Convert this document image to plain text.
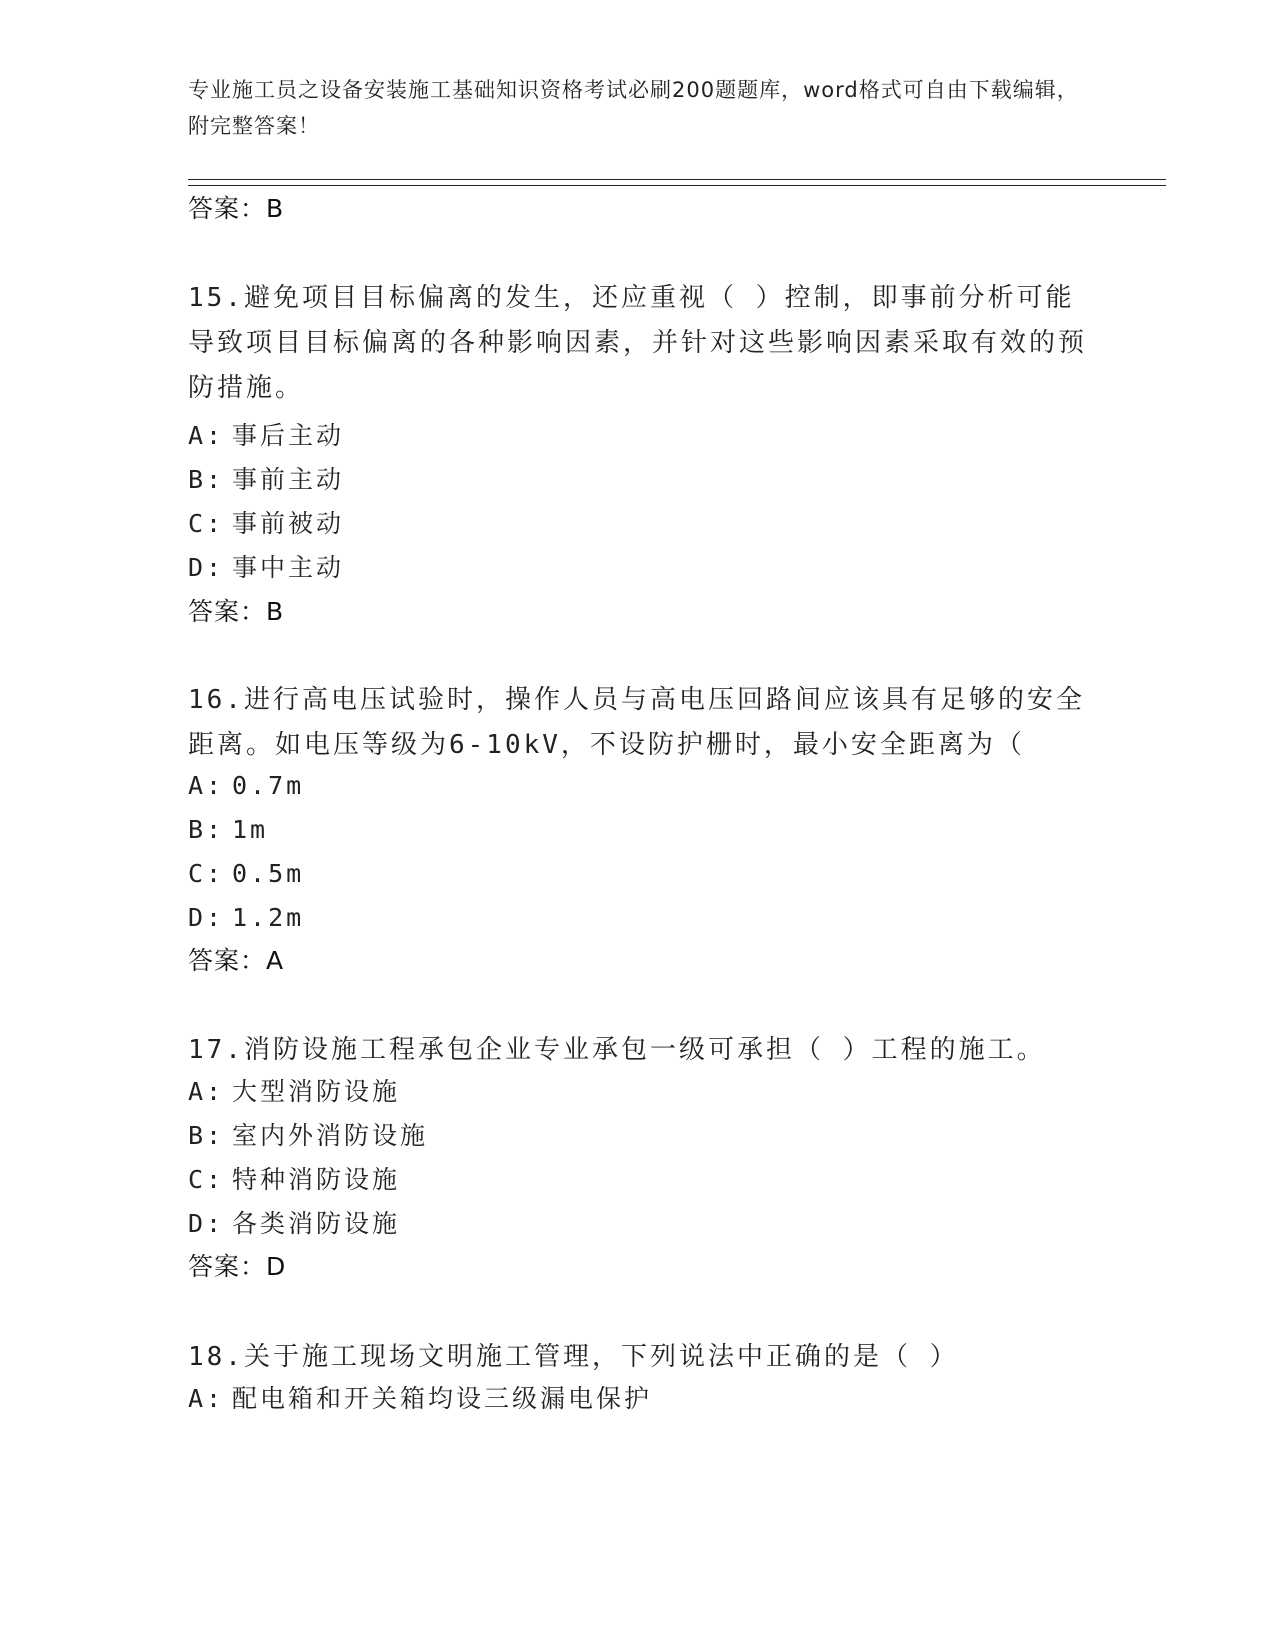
专业施工员之设备安装施工基础知识资格考试必刷200题题库，word格式可自由下载编辑，附完整答案！
答案：B
15.避免项目目标偏离的发生，还应重视（ ）控制，即事前分析可能导致项目目标偏离的各种影响因素，并针对这些影响因素采取有效的预防措施。
A: 事后主动
B: 事前主动
C: 事前被动
D: 事中主动
答案：B
16.进行高电压试验时，操作人员与高电压回路间应该具有足够的安全距离。如电压等级为6-10kV，不设防护栅时，最小安全距离为（
A: 0.7m
B: 1m
C: 0.5m
D: 1.2m
答案：A
17.消防设施工程承包企业专业承包一级可承担（ ）工程的施工。
A: 大型消防设施
B: 室内外消防设施
C: 特种消防设施
D: 各类消防设施
答案：D
18.关于施工现场文明施工管理，下列说法中正确的是（ ）
A: 配电箱和开关箱均设三级漏电保护
